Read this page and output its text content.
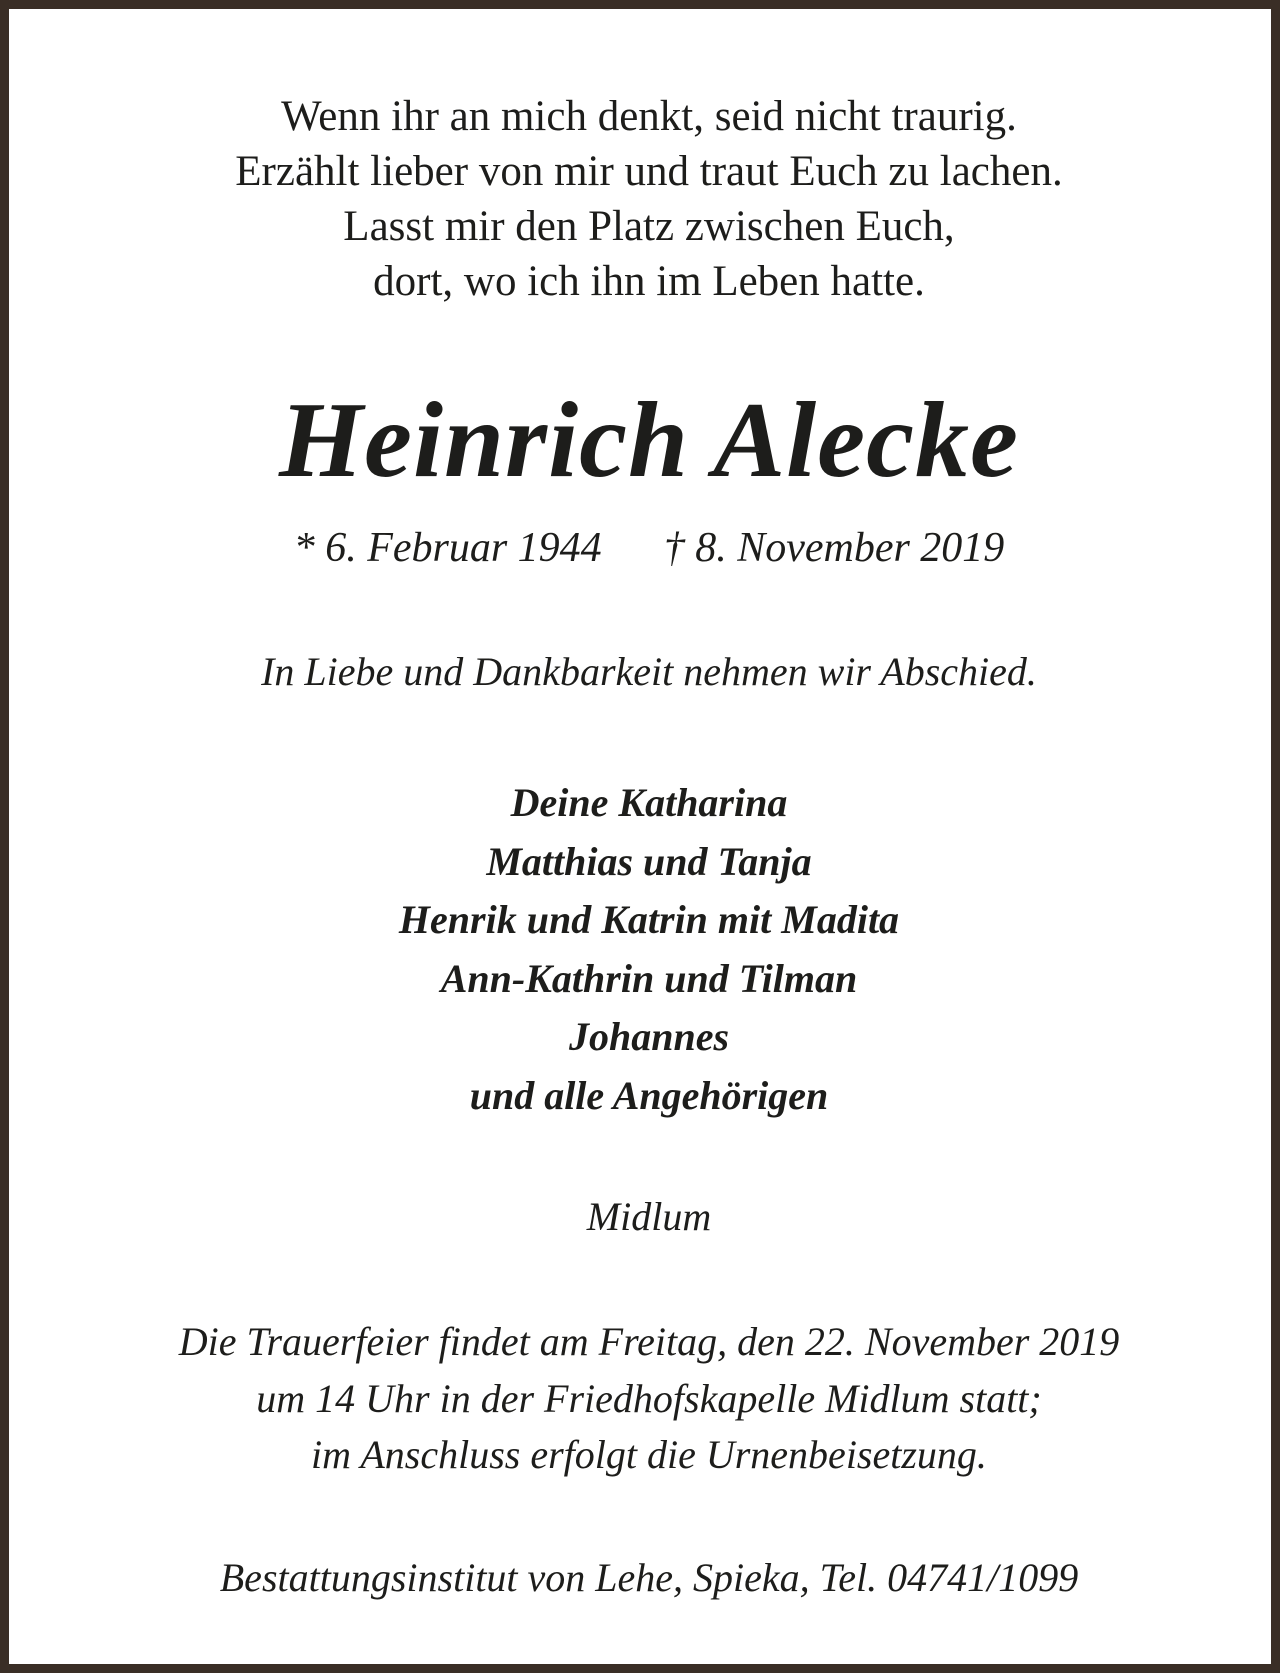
Wenn ihr an mich denkt, seid nicht traurig.
Erzählt lieber von mir und traut Euch zu lachen.
Lasst mir den Platz zwischen Euch,
dort, wo ich ihn im Leben hatte.
Heinrich Alecke
* 6. Februar 1944 † 8. November 2019
In Liebe und Dankbarkeit nehmen wir Abschied.
Deine Katharina
Matthias und Tanja
Henrik und Katrin mit Madita
Ann-Kathrin und Tilman
Johannes
und alle Angehörigen
Midlum
Die Trauerfeier findet am Freitag, den 22. November 2019
um 14 Uhr in der Friedhofskapelle Midlum statt;
im Anschluss erfolgt die Urnenbeisetzung.
Bestattungsinstitut von Lehe, Spieka, Tel. 04741/1099
